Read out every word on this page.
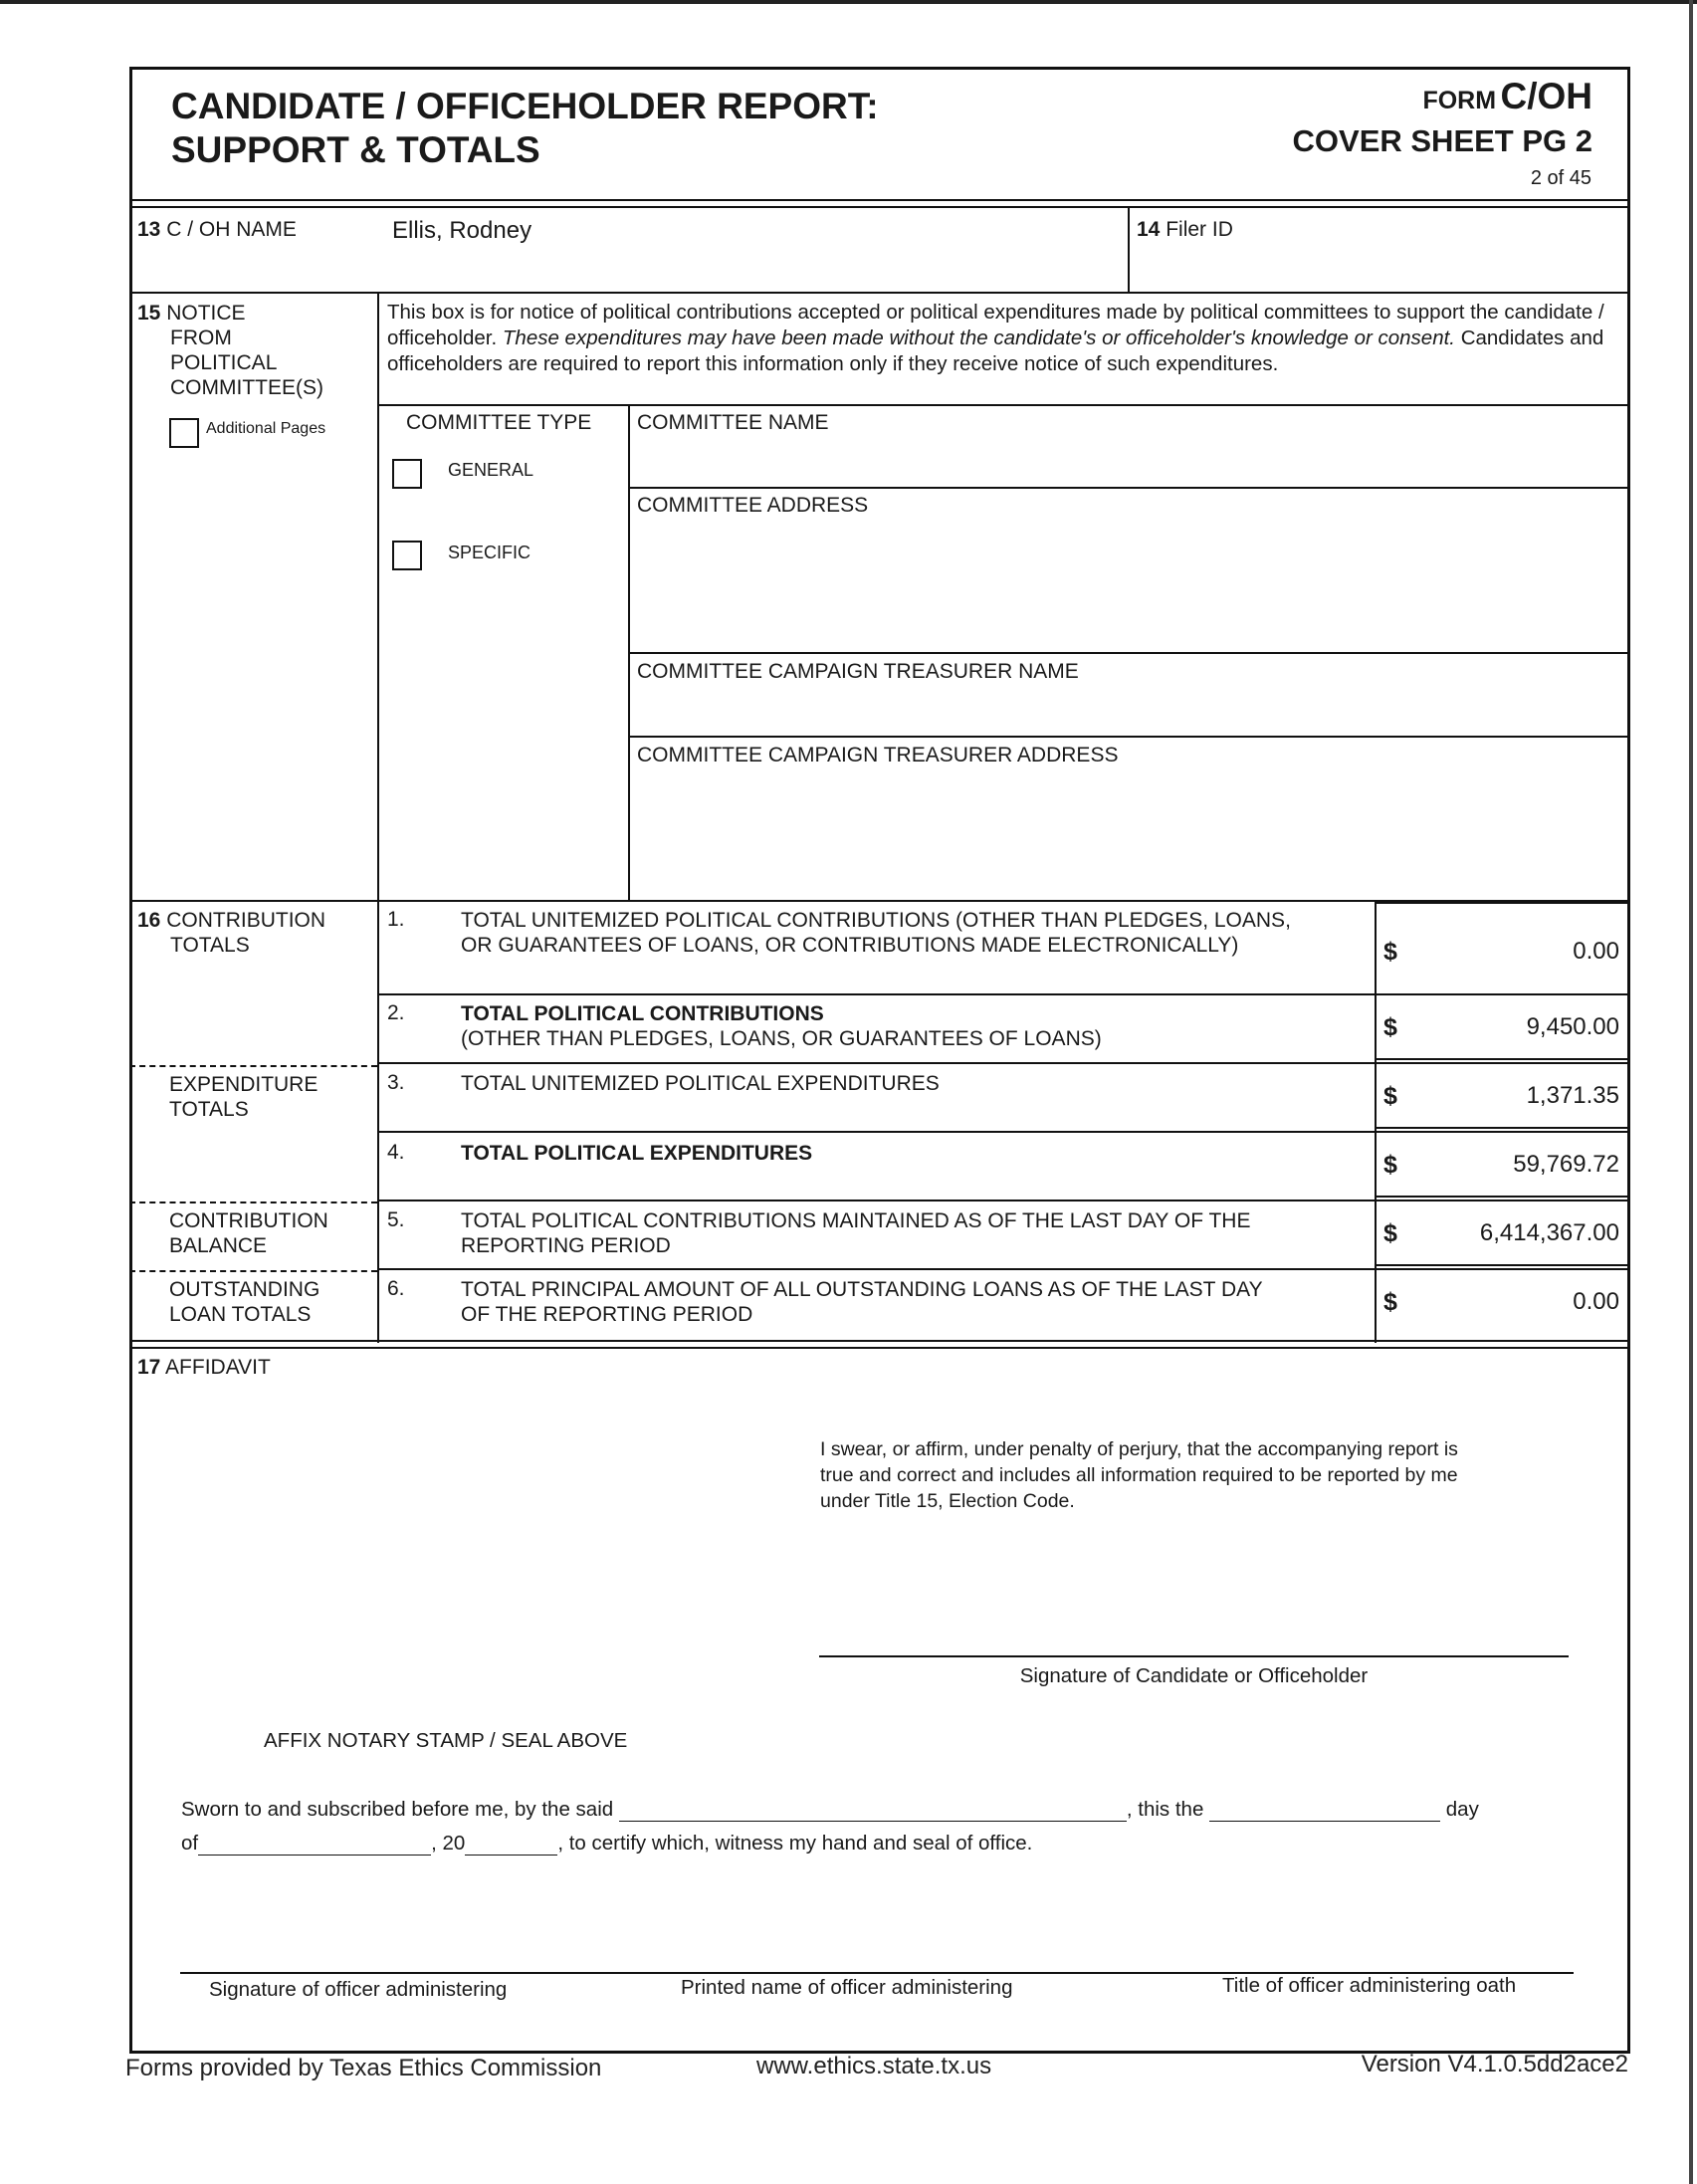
CANDIDATE / OFFICEHOLDER REPORT:
SUPPORT & TOTALS
FORM C/OH
COVER SHEET PG 2
2 of 45
13 C / OH NAME	Ellis, Rodney	14 Filer ID
15 NOTICE
FROM
POLITICAL
COMMITTEE(S)
Additional Pages
This box is for notice of political contributions accepted or political expenditures made by political committees to support the candidate / officeholder. These expenditures may have been made without the candidate's or officeholder's knowledge or consent. Candidates and officeholders are required to report this information only if they receive notice of such expenditures.
COMMITTEE TYPE
GENERAL
SPECIFIC
COMMITTEE NAME
COMMITTEE ADDRESS
COMMITTEE CAMPAIGN TREASURER NAME
COMMITTEE CAMPAIGN TREASURER ADDRESS
16 CONTRIBUTION
TOTALS
EXPENDITURE
TOTALS
CONTRIBUTION
BALANCE
OUTSTANDING
LOAN TOTALS
1.	TOTAL UNITEMIZED POLITICAL CONTRIBUTIONS (OTHER THAN PLEDGES, LOANS,
OR GUARANTEES OF LOANS, OR CONTRIBUTIONS MADE ELECTRONICALLY)	$	0.00
2.	TOTAL POLITICAL CONTRIBUTIONS
(OTHER THAN PLEDGES, LOANS, OR GUARANTEES OF LOANS)	$	9,450.00
3.	TOTAL UNITEMIZED POLITICAL EXPENDITURES	$	1,371.35
4.	TOTAL POLITICAL EXPENDITURES	$	59,769.72
5.	TOTAL POLITICAL CONTRIBUTIONS MAINTAINED AS OF THE LAST DAY OF THE
REPORTING PERIOD	$	6,414,367.00
6.	TOTAL PRINCIPAL AMOUNT OF ALL OUTSTANDING LOANS AS OF THE LAST DAY
OF THE REPORTING PERIOD	$	0.00
17 AFFIDAVIT
I swear, or affirm, under penalty of perjury, that the accompanying report is
true and correct and includes all information required to be reported by me
under Title 15, Election Code.
Signature of Candidate or Officeholder
AFFIX NOTARY STAMP / SEAL ABOVE
Sworn to and subscribed before me, by the said	, this the	day
of	, 20	, to certify which, witness my hand and seal of office.
Signature of officer administering	Printed name of officer administering	Title of officer administering oath
Forms provided by Texas Ethics Commission	www.ethics.state.tx.us	Version V4.1.0.5dd2ace2
